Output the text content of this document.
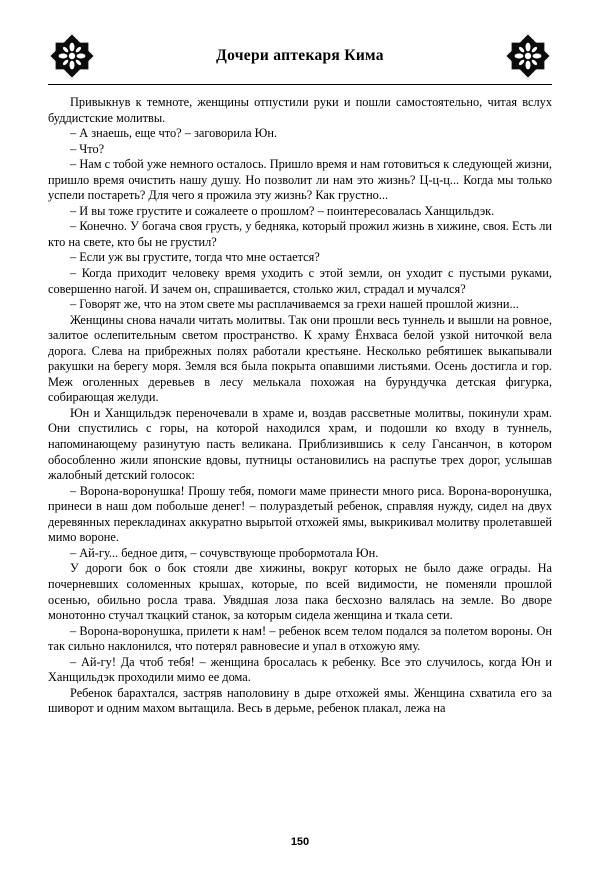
Дочери аптекаря Кима

Привыкнув к темноте, женщины отпустили руки и пошли самостоятельно, читая вслух буддистские молитвы.

– А знаешь, еще что? – заговорила Юн.

– Что?

– Нам с тобой уже немного осталось. Пришло время и нам готовиться к следующей жизни, пришло время очистить нашу душу. Но позволит ли нам это жизнь? Ц-ц-ц... Когда мы только успели постареть? Для чего я прожила эту жизнь? Как грустно...

– И вы тоже грустите и сожалеете о прошлом? – поинтересовалась Ханщильдэк.

– Конечно. У богача своя грусть, у бедняка, который прожил жизнь в хижине, своя. Есть ли кто на свете, кто бы не грустил?

– Если уж вы грустите, тогда что мне остается?

– Когда приходит человеку время уходить с этой земли, он уходит с пустыми руками, совершенно нагой. И зачем он, спрашивается, столько жил, страдал и мучался?

– Говорят же, что на этом свете мы расплачиваемся за грехи нашей прошлой жизни...

Женщины снова начали читать молитвы. Так они прошли весь туннель и вышли на ровное, залитое ослепительным светом пространство. К храму Ёнхваса белой узкой ниточкой вела дорога. Слева на прибрежных полях работали крестьяне. Несколько ребятишек выкапывали ракушки на берегу моря. Земля вся была покрыта опавшими листьями. Осень достигла и гор. Меж оголенных деревьев в лесу мелькала похожая на бурундучка детская фигурка, собирающая желуди.

Юн и Ханщильдэк переночевали в храме и, воздав рассветные молитвы, покинули храм. Они спустились с горы, на которой находился храм, и подошли ко входу в туннель, напоминающему разинутую пасть великана. Приблизившись к селу Гансанчон, в котором обособленно жили японские вдовы, путницы остановились на распутье трех дорог, услышав жалобный детский голосок:

– Ворона-воронушка! Прошу тебя, помоги маме принести много риса. Ворона-воронушка, принеси в наш дом побольше денег! – полураздетый ребенок, справляя нужду, сидел на двух деревянных перекладинах аккуратно вырытой отхожей ямы, выкрикивал молитву пролетавшей мимо вороне.

– Ай-гу... бедное дитя, – сочувствующе пробормотала Юн.

У дороги бок о бок стояли две хижины, вокруг которых не было даже ограды. На почерневших соломенных крышах, которые, по всей видимости, не поменяли прошлой осенью, обильно росла трава. Увядшая лоза пака бесхозно валялась на земле. Во дворе монотонно стучал ткацкий станок, за которым сидела женщина и ткала сети.

– Ворона-воронушка, прилети к нам! – ребенок всем телом подался за полетом вороны. Он так сильно наклонился, что потерял равновесие и упал в отхожую яму.

– Ай-гу! Да чтоб тебя! – женщина бросалась к ребенку. Все это случилось, когда Юн и Ханщильдэк проходили мимо ее дома.

Ребенок барахтался, застряв наполовину в дыре отхожей ямы. Женщина схватила его за шиворот и одним махом вытащила. Весь в дерьме, ребенок плакал, лежа на

150
